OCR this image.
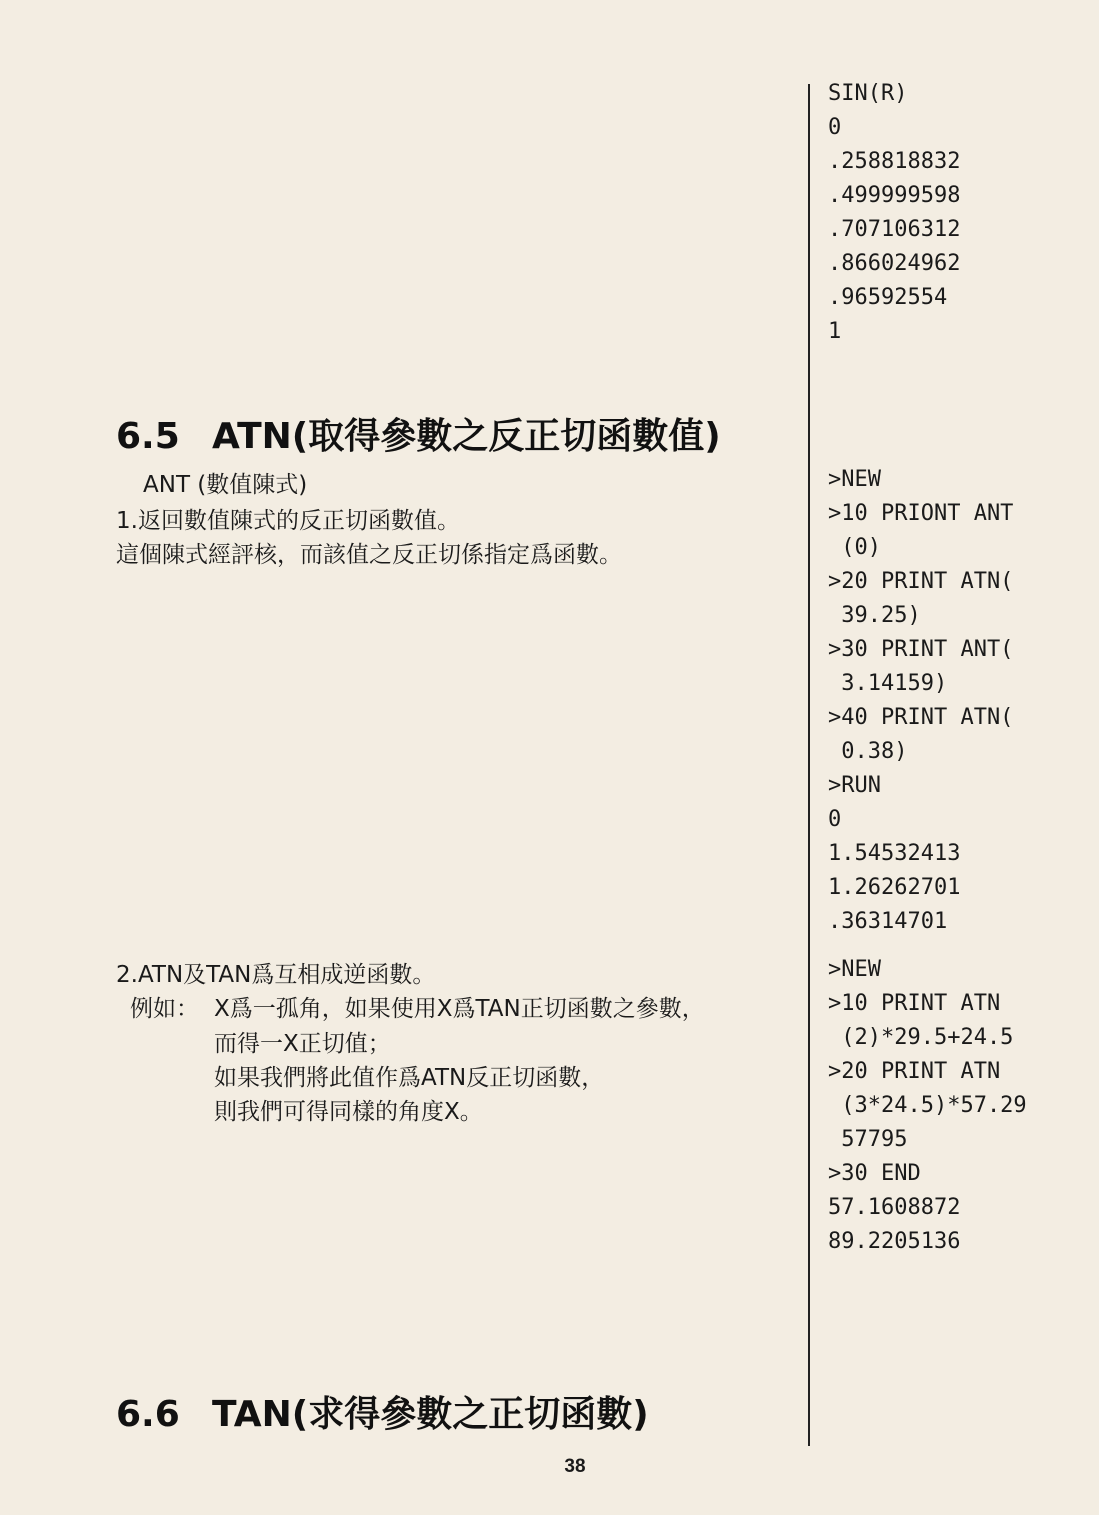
SIN(R)
0
.258818832
.499999598
.707106312
.866024962
.96592554
1
6.5 ATN(取得參數之反正切函數值)
ANT (數值陳式)
1.返回數值陳式的反正切函數值。
這個陳式經評核，而該值之反正切係指定爲函數。
>NEW
>10 PRIONT ANT
(0)
>20 PRINT ATN(
39.25)
>30 PRINT ANT(
3.14159)
>40 PRINT ATN(
0.38)
>RUN
0
1.54532413
1.26262701
.36314701
2.ATN及TAN爲互相成逆函數。
例如： X爲一孤角，如果使用X爲TAN正切函數之參數，
而得一X正切值；
如果我們將此值作爲ATN反正切函數，
則我們可得同樣的角度X。
>NEW
>10 PRINT ATN
(2)*29.5+24.5
>20 PRINT ATN
(3*24.5)*57.29
57795
>30 END
57.1608872
89.2205136
6.6 TAN(求得參數之正切函數)
38
